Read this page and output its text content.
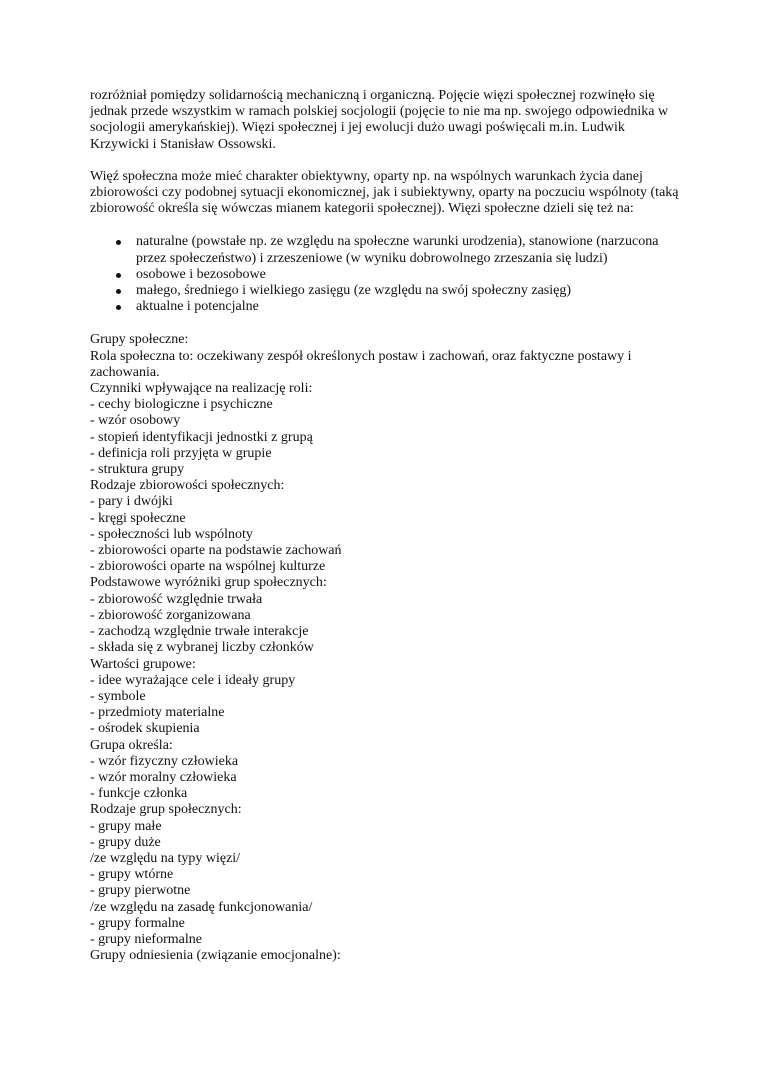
rozróżniał pomiędzy solidarnością mechaniczną i organiczną. Pojęcie więzi społecznej rozwinęło się jednak przede wszystkim w ramach polskiej socjologii (pojęcie to nie ma np. swojego odpowiednika w socjologii amerykańskiej). Więzi społecznej i jej ewolucji dużo uwagi poświęcali m.in. Ludwik Krzywicki i Stanisław Ossowski.

Więź społeczna może mieć charakter obiektywny, oparty np. na wspólnych warunkach życia danej zbiorowości czy podobnej sytuacji ekonomicznej, jak i subiektywny, oparty na poczuciu wspólnoty (taką zbiorowość określa się wówczas mianem kategorii społecznej). Więzi społeczne dzieli się też na:

naturalne (powstałe np. ze względu na społeczne warunki urodzenia), stanowione (narzucona przez społeczeństwo) i zrzeszeniowe (w wyniku dobrowolnego zrzeszania się ludzi)
osobowe i bezosobowe
małego, średniego i wielkiego zasięgu (ze względu na swój społeczny zasięg)
aktualne i potencjalne
Grupy społeczne:
Rola społeczna to: oczekiwany zespół określonych postaw i zachowań, oraz faktyczne postawy i zachowania.
Czynniki wpływające na realizację roli:
- cechy biologiczne i psychiczne
- wzór osobowy
- stopień identyfikacji jednostki z grupą
- definicja roli przyjęta w grupie
- struktura grupy
Rodzaje zbiorowości społecznych:
- pary i dwójki
- kręgi społeczne
- społeczności lub wspólnoty
- zbiorowości oparte na podstawie zachowań
- zbiorowości oparte na wspólnej kulturze
Podstawowe wyróżniki grup społecznych:
- zbiorowość względnie trwała
- zbiorowość zorganizowana
- zachodzą względnie trwałe interakcje
- składa się z wybranej liczby członków
Wartości grupowe:
- idee wyrażające cele i ideały grupy
- symbole
- przedmioty materialne
- ośrodek skupienia
Grupa określa:
- wzór fizyczny człowieka
- wzór moralny człowieka
- funkcje członka
Rodzaje grup społecznych:
- grupy małe
- grupy duże
/ze względu na typy więzi/
- grupy wtórne
- grupy pierwotne
/ze względu na zasadę funkcjonowania/
- grupy formalne
- grupy nieformalne
Grupy odniesienia (związanie emocjonalne):
